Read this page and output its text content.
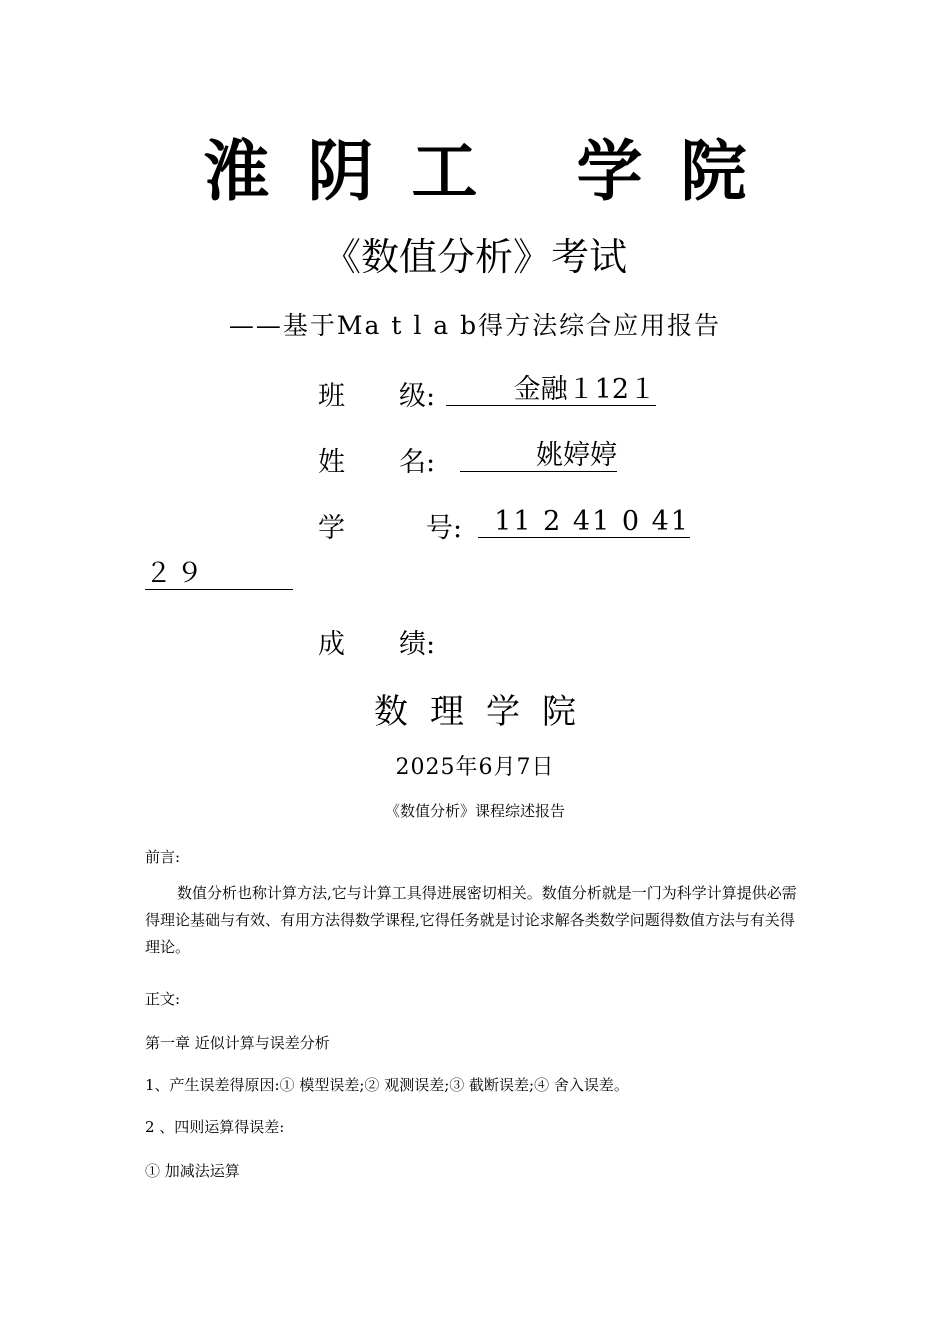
淮阴工 学院
《数值分析》考试
——基于Ma t l a b得方法综合应用报告
班　　级:	金融１12１
姓　　名:	姚婷婷
学　　　号:	11 2 41 0 41
２９
成　　绩:
数理学院
2025年6月7日
《数值分析》课程综述报告
前言:
数值分析也称计算方法,它与计算工具得进展密切相关。数值分析就是一门为科学计算提供必需得理论基础与有效、有用方法得数学课程,它得任务就是讨论求解各类数学问题得数值方法与有关得理论。
正文:
第一章 近似计算与误差分析
1、产生误差得原因:① 模型误差;② 观测误差;③ 截断误差;④ 舍入误差。
2 、四则运算得误差:
① 加减法运算
